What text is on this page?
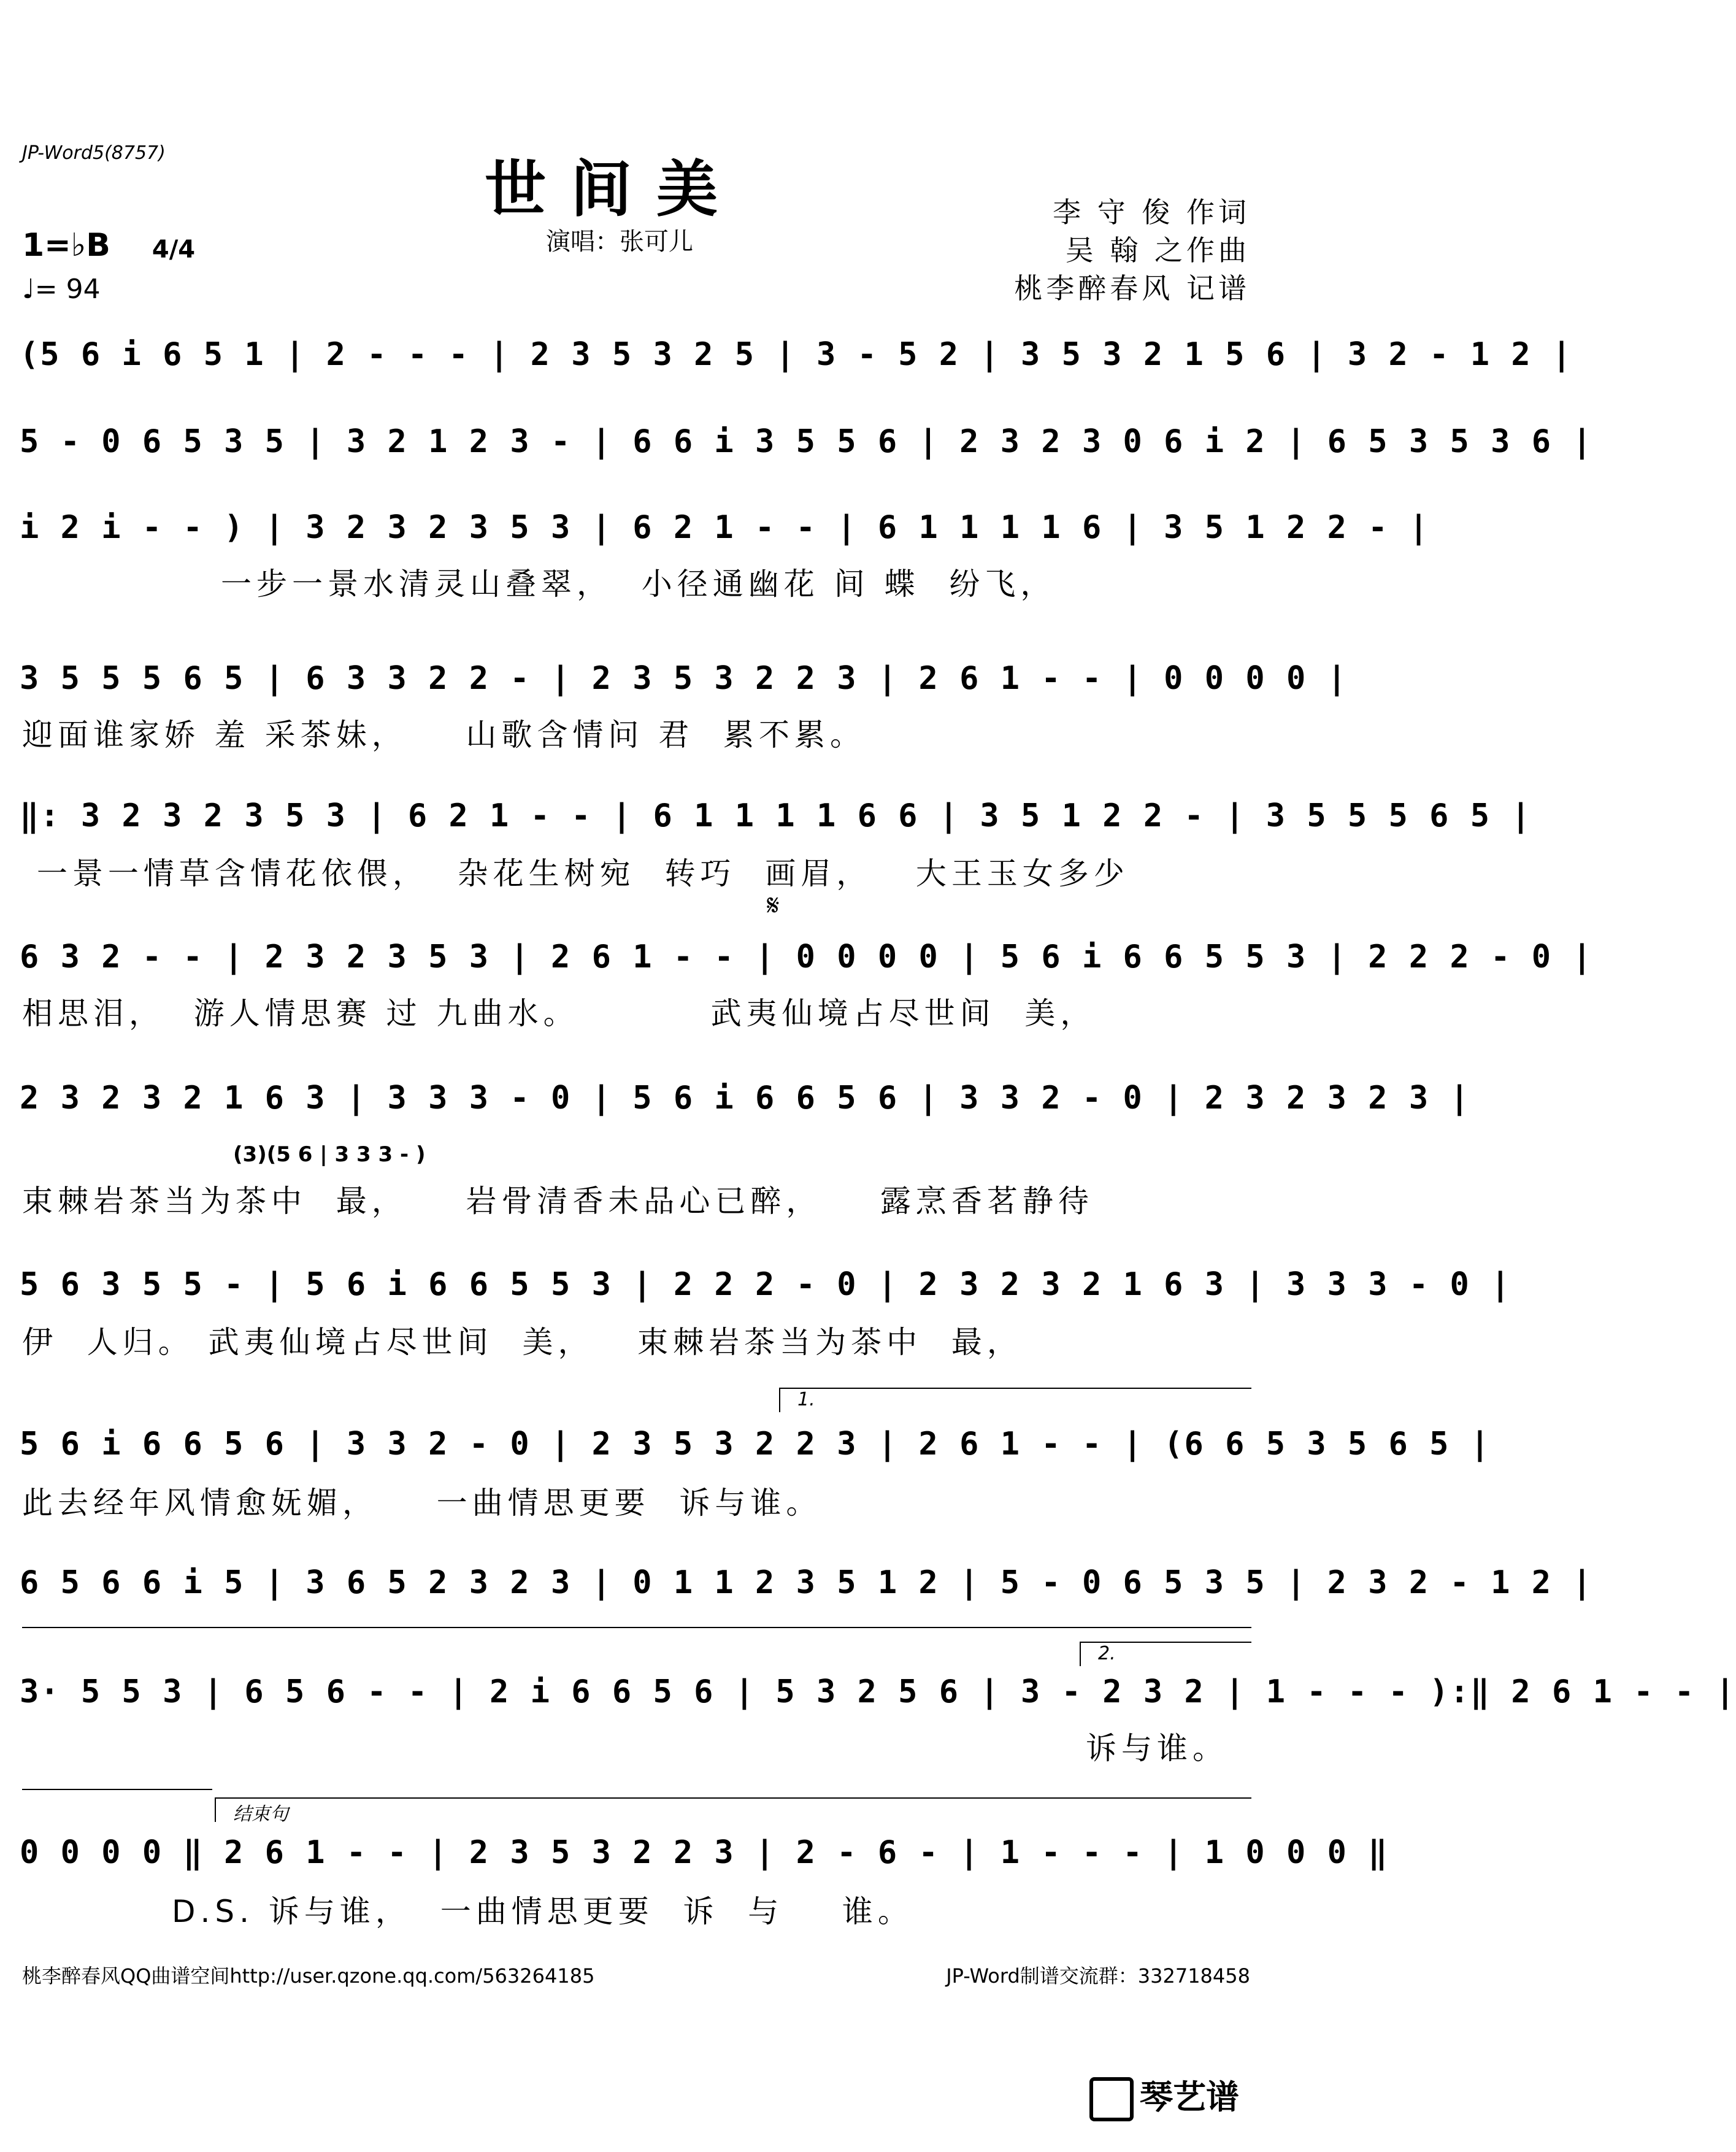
JP-Word5(8757)	世间美
演唱：张可儿
李 守 俊 作词
吴 翰 之作曲
桃李醉春风 记谱
1=♭B	4/4

♩= 94
(5 6 i 6 5 1 | 2 - - - | 2 3 5 3 2 5 | 3 - 5 2 | 3 5 3 2 1 5 6 | 3 2 - 1 2 |
5 - 0 6 5 3 5 | 3 2 1 2 3 - | 6 6 i 3 5 5 6 | 2 3 2 3 0 6 i 2 | 6 5 3 5 3 6 |
i 2 i - - ) | 3 2 3 2 3 5 3 | 6 2 1 - - | 6 1 1 1 1 6 | 3 5 1 2 2 - |
一步一景水清灵山叠翠，  小径通幽花 间 蝶  纷飞，
3 5 5 5 6 5 | 6 3 3 2 2 - | 2 3 5 3 2 2 3 | 2 6 1 - - | 0 0 0 0 |
迎面谁家娇 羞 采茶妹，    山歌含情问 君  累不累。
‖: 3 2 3 2 3 5 3 | 6 2 1 - - | 6 1 1 1 1 6 6 | 3 5 1 2 2 - | 3 5 5 5 6 5 |
一景一情草含情花依偎，  杂花生树宛  转巧  画眉，   大王玉女多少
𝄋
6 3 2 - - | 2 3 2 3 5 3 | 2 6 1 - - | 0 0 0 0 | 5 6 i 6 6 5 5 3 | 2 2 2 - 0 |
相思泪，  游人情思赛 过 九曲水。         武夷仙境占尽世间  美，
2 3 2 3 2 1 6 3 | 3 3 3 - 0 | 5 6 i 6 6 5 6 | 3 3 2 - 0 | 2 3 2 3 2 3 |
(3)(5 6 | 3 3 3 - )
束棘岩茶当为茶中  最，    岩骨清香未品心已醉，    露烹香茗静待
5 6 3 5 5 - | 5 6 i 6 6 5 5 3 | 2 2 2 - 0 | 2 3 2 3 2 1 6 3 | 3 3 3 - 0 |
伊  人归。 武夷仙境占尽世间  美，   束棘岩茶当为茶中  最，
1.
5 6 i 6 6 5 6 | 3 3 2 - 0 | 2 3 5 3 2 2 3 | 2 6 1 - - | (6 6 5 3 5 6 5 |
此去经年风情愈妩媚，    一曲情思更要  诉与谁。
6 5 6 6 i 5 | 3 6 5 2 3 2 3 | 0 1 1 2 3 5 1 2 | 5 - 0 6 5 3 5 | 2 3 2 - 1 2 |
2.
3· 5 5 3 | 6 5 6 - - | 2 i 6 6 5 6 | 5 3 2 5 6 | 3 - 2 3 2 | 1 - - - ):‖ 2 6 1 - - |
诉与谁。
结束句
0 0 0 0 ‖ 2 6 1 - - | 2 3 5 3 2 2 3 | 2 - 6 - | 1 - - - | 1 0 0 0 ‖
D.S. 诉与谁，  一曲情思更要  诉  与    谁。
桃李醉春风QQ曲谱空间http://user.qzone.qq.com/563264185	JP-Word制谱交流群：332718458

琴艺谱
